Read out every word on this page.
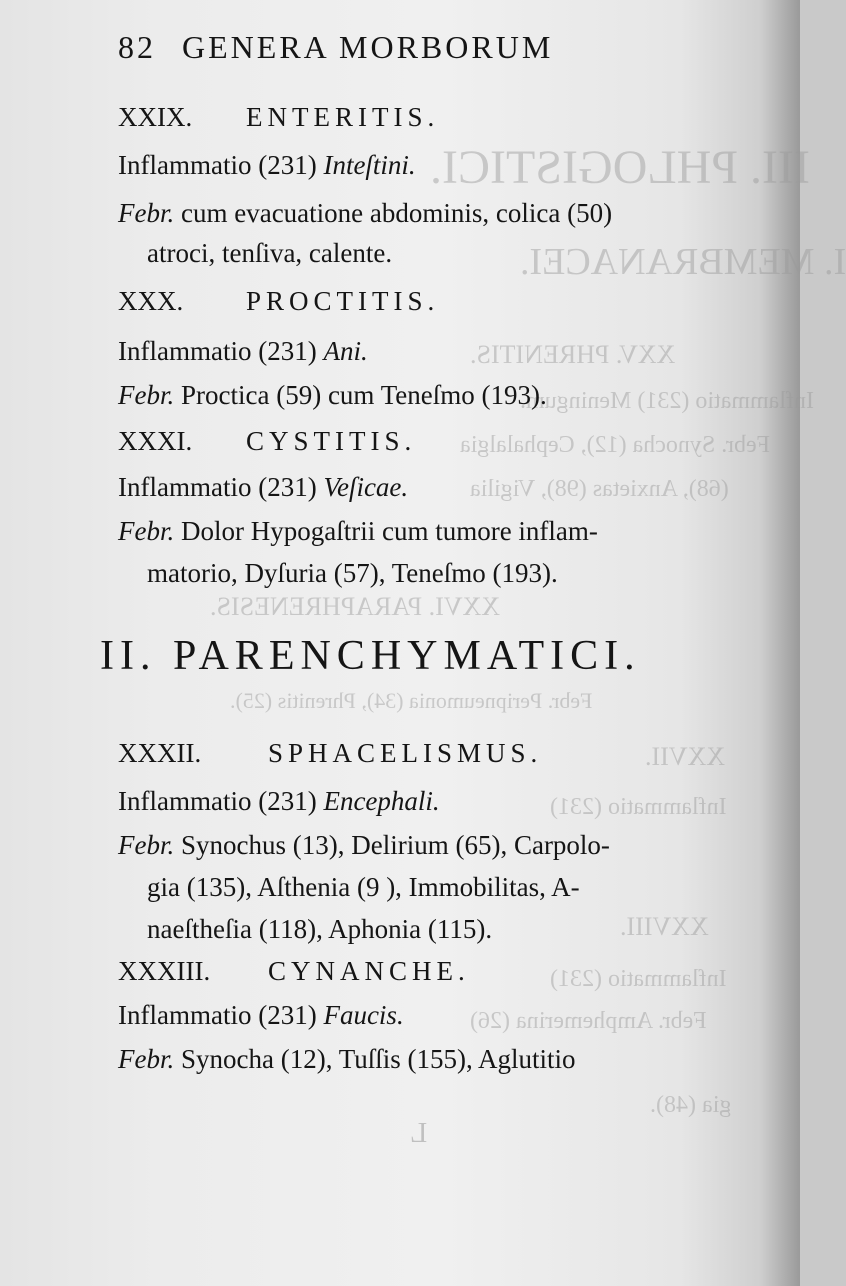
III. PHLOGISTICI.
I. MEMBRANACEI.
XXV. PHRENITIS.
Inflammatio (231) Meningum.
Febr. Synocha (12), Cephalalgia
(68), Anxietas (98), Vigilia
XXVI. PARAPHRENESIS.
Febr. Peripneumonia (34), Phrenitis (25).
XXVII.
Inflammatio (231)
XXVIII.
Inflammatio (231)
Febr. Amphemerina (26)
gia (48).
82 GENERA MORBORUM
XXIX. ENTERITIS.
Inflammatio (231) Inteſtini.
Febr. cum evacuatione abdominis, colica (50)
atroci, tenſiva, calente.
XXX. PROCTITIS.
Inflammatio (231) Ani.
Febr. Proctica (59) cum Teneſmo (193).
XXXI. CYSTITIS.
Inflammatio (231) Veſicae.
Febr. Dolor Hypogaſtrii cum tumore inflam-
matorio, Dyſuria (57), Teneſmo (193).
II. PARENCHYMATICI.
XXXII. SPHACELISMUS.
Inflammatio (231) Encephali.
Febr. Synochus (13), Delirium (65), Carpolo-
gia (135), Aſthenia (9 ), Immobilitas, A-
naeſtheſia (118), Aphonia (115).
XXXIII. CYNANCHE.
Inflammatio (231) Faucis.
Febr. Synocha (12), Tuſſis (155), Aglutitio
L
